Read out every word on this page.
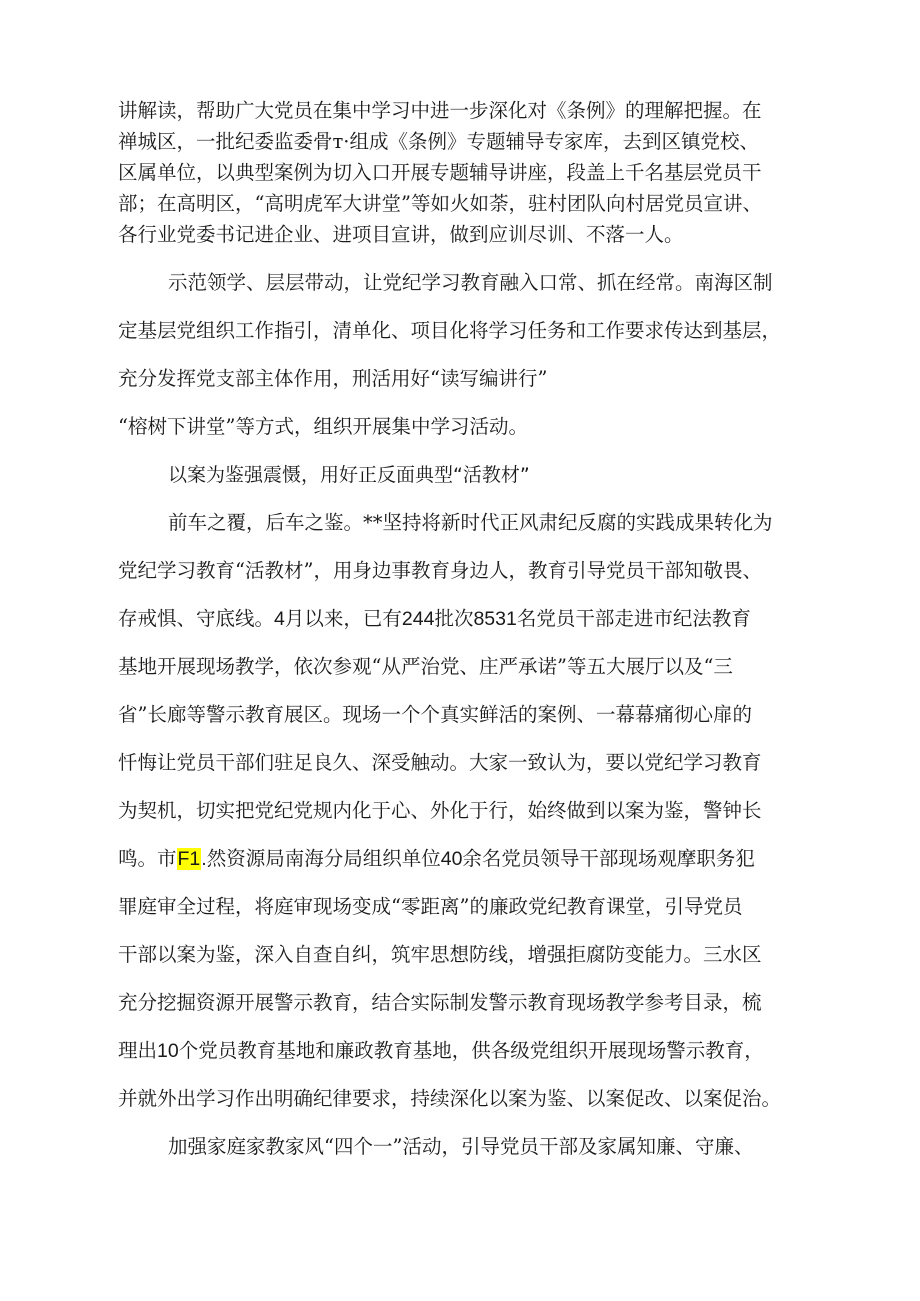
讲解读，帮助广大党员在集中学习中进一步深化对《条例》的理解把握。在
禅城区，一批纪委监委骨т·组成《条例》专题辅导专家库，去到区镇党校、
区属单位，以典型案例为切入口开展专题辅导讲座，段盖上千名基层党员干
部；在高明区，“高明虎军大讲堂”等如火如荼，驻村团队向村居党员宣讲、
各行业党委书记进企业、进项目宣讲，做到应训尽训、不落一人。
示范领学、层层带动，让党纪学习教育融入口常、抓在经常。南海区制
定基层党组织工作指引，清单化、项目化将学习任务和工作要求传达到基层，
充分发挥党支部主体作用，刑活用好“读写编讲行”
“榕树下讲堂”等方式，组织开展集中学习活动。
以案为鉴强震慑，用好正反面典型“活教材”
前车之覆，后车之鉴。**坚持将新时代正风肃纪反腐的实践成果转化为
党纪学习教育“活教材”，用身边事教育身边人，教育引导党员干部知敬畏、
存戒惧、守底线。4月以来，已有244批次8531名党员干部走进市纪法教育
基地开展现场教学，依次参观“从严治党、庄严承诺”等五大展厅以及“三
省”长廊等警示教育展区。现场一个个真实鲜活的案例、一幕幕痛彻心扉的
忏悔让党员干部们驻足良久、深受触动。大家一致认为，要以党纪学习教育
为契机，切实把党纪党规内化于心、外化于行，始终做到以案为鉴，警钟长
鸣。市F1.然资源局南海分局组织单位40余名党员领导干部现场观摩职务犯
罪庭审全过程，将庭审现场变成“零距离”的廉政党纪教育课堂，引导党员
干部以案为鉴，深入自查自纠，筑牢思想防线，增强拒腐防变能力。三水区
充分挖掘资源开展警示教育，结合实际制发警示教育现场教学参考目录，梳
理出10个党员教育基地和廉政教育基地，供各级党组织开展现场警示教育，
并就外出学习作出明确纪律要求，持续深化以案为鉴、以案促改、以案促治。
加强家庭家教家风“四个一”活动，引导党员干部及家属知廉、守廉、
